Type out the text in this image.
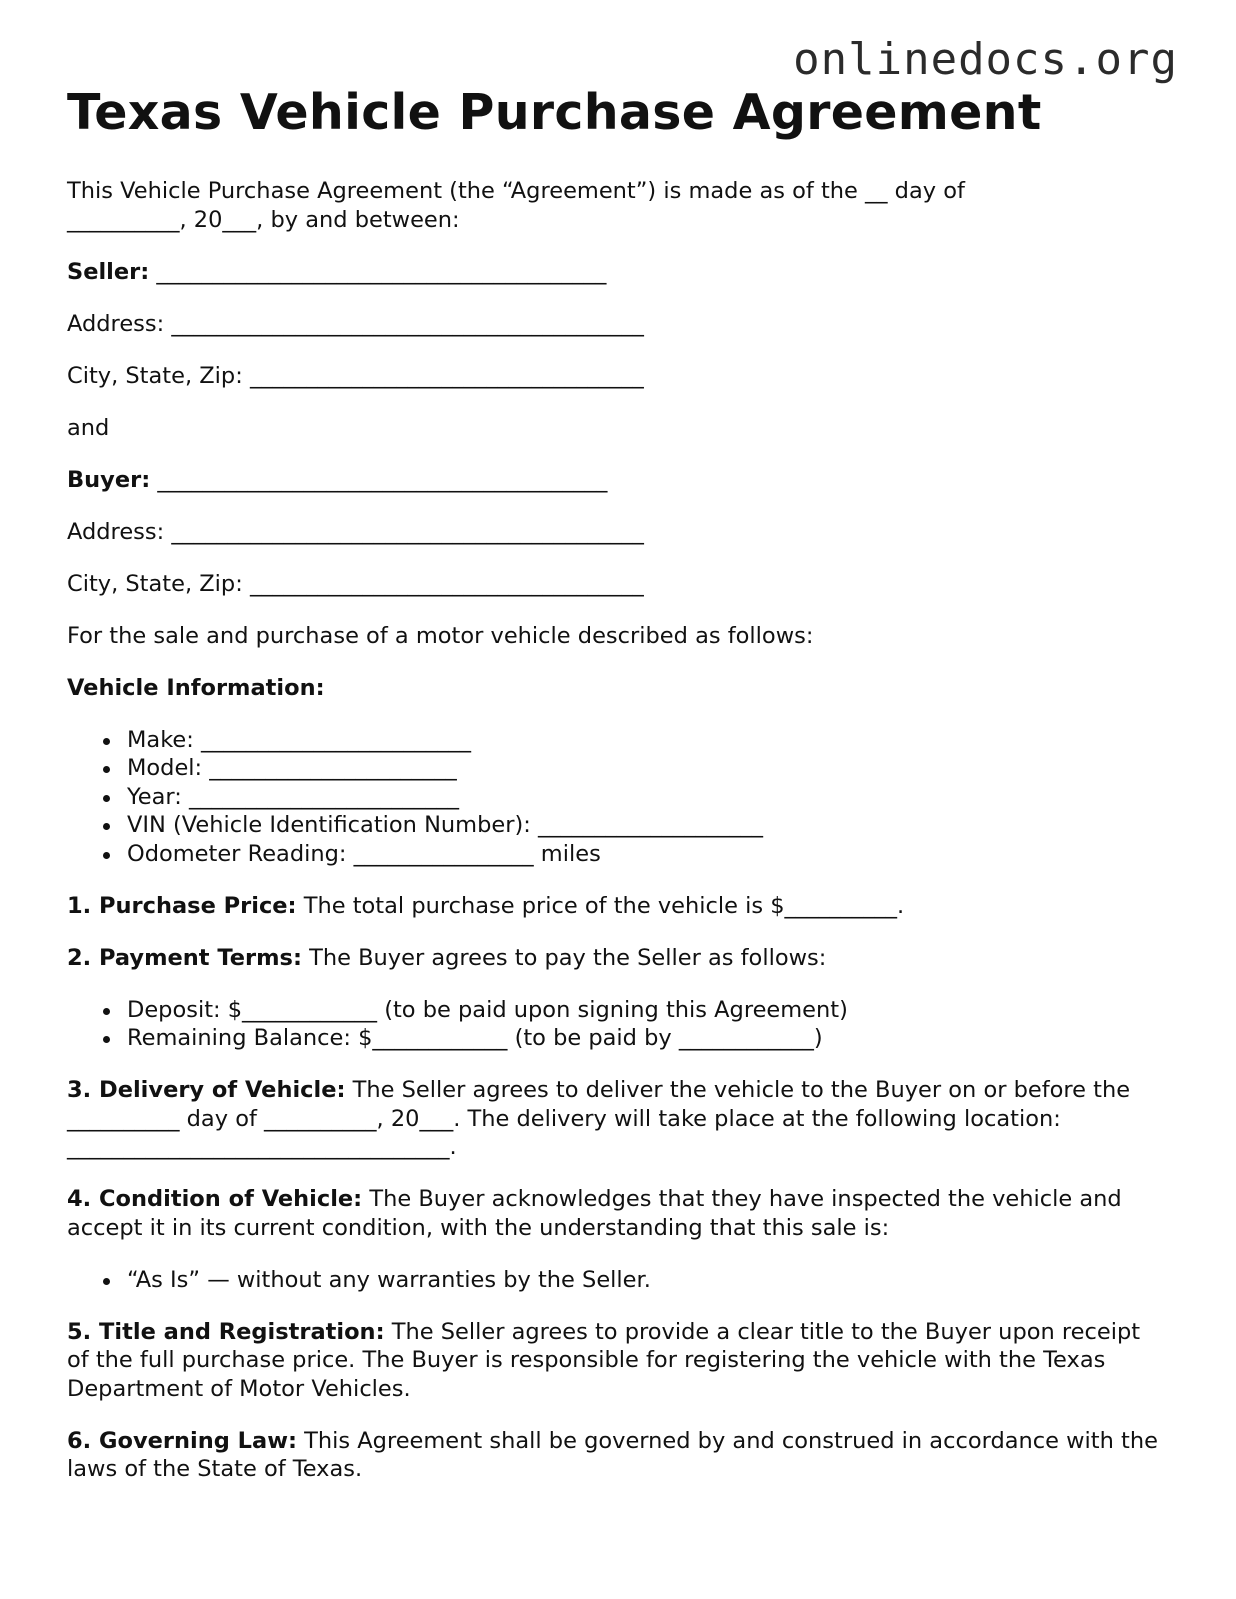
onlinedocs.org
Texas Vehicle Purchase Agreement

This Vehicle Purchase Agreement (the “Agreement”) is made as of the __ day of
__________, 20___, by and between:

Seller: ________________________________________

Address: __________________________________________

City, State, Zip: ___________________________________

and

Buyer: ________________________________________

Address: __________________________________________

City, State, Zip: ___________________________________

For the sale and purchase of a motor vehicle described as follows:

Vehicle Information:

Make: ________________________
Model: ______________________
Year: ________________________
VIN (Vehicle Identification Number): ____________________
Odometer Reading: ________________ miles

1. Purchase Price: The total purchase price of the vehicle is $__________.

2. Payment Terms: The Buyer agrees to pay the Seller as follows:

Deposit: $____________ (to be paid upon signing this Agreement)
Remaining Balance: $____________ (to be paid by ____________)

3. Delivery of Vehicle: The Seller agrees to deliver the vehicle to the Buyer on or before the __________ day of __________, 20___. The delivery will take place at the following location: __________________________________.

4. Condition of Vehicle: The Buyer acknowledges that they have inspected the vehicle and accept it in its current condition, with the understanding that this sale is:

“As Is” — without any warranties by the Seller.

5. Title and Registration: The Seller agrees to provide a clear title to the Buyer upon receipt of the full purchase price. The Buyer is responsible for registering the vehicle with the Texas Department of Motor Vehicles.

6. Governing Law: This Agreement shall be governed by and construed in accordance with the laws of the State of Texas.
